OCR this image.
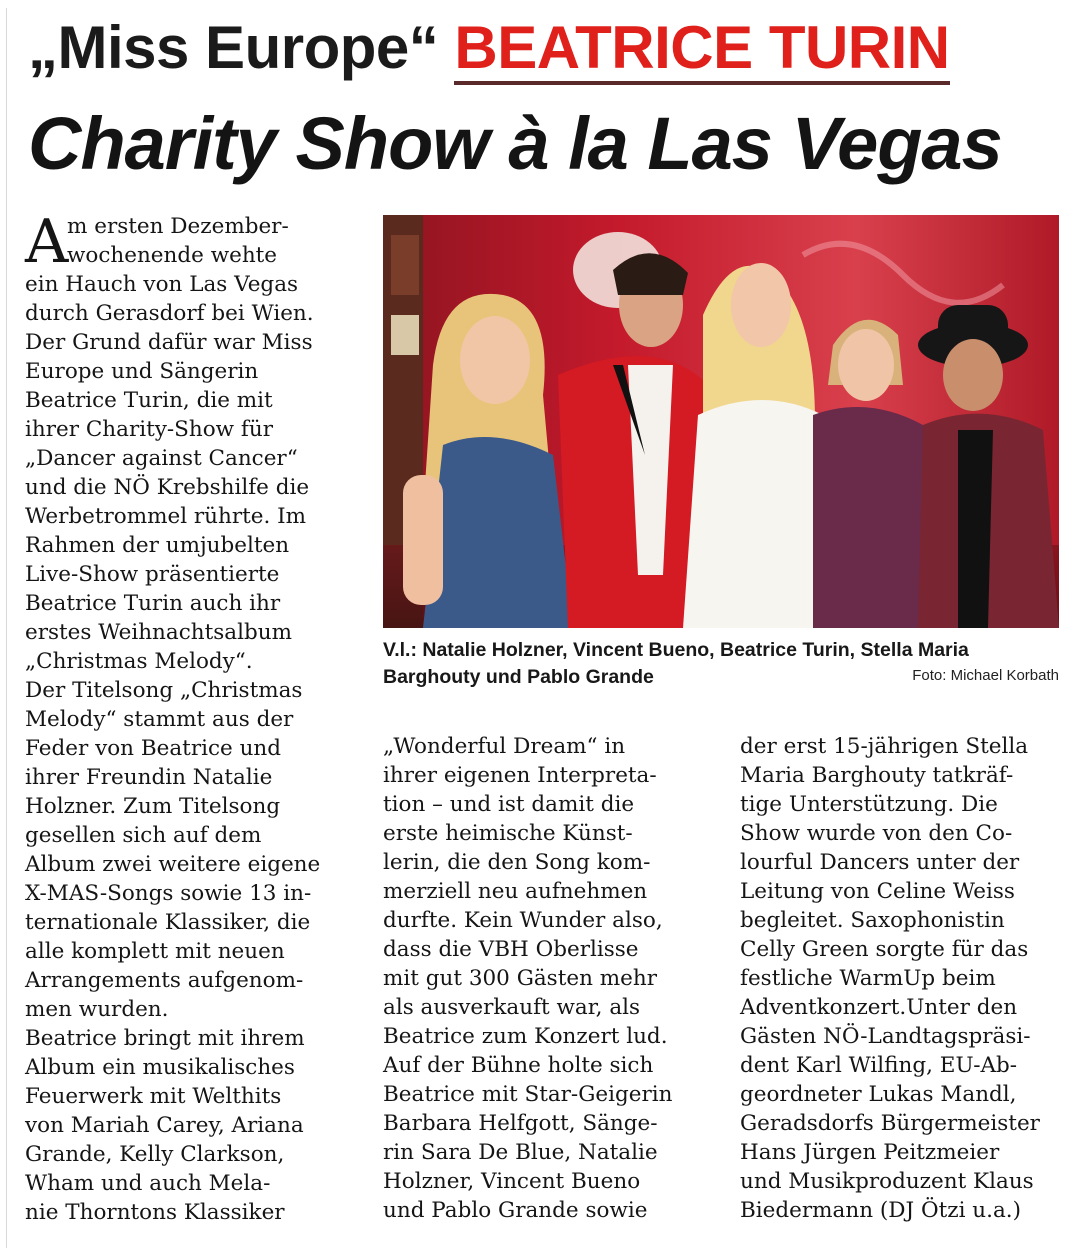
„Miss Europe“ BEATRICE TURIN
Charity Show à la Las Vegas
A
m ersten Dezember-
wochenende wehte
ein Hauch von Las Vegas
durch Gerasdorf bei Wien.
Der Grund dafür war Miss
Europe und Sängerin
Beatrice Turin, die mit
ihrer Charity-Show für
„Dancer against Cancer“
und die NÖ Krebshilfe die
Werbetrommel rührte. Im
Rahmen der umjubelten
Live-Show präsentierte
Beatrice Turin auch ihr
erstes Weihnachtsalbum
„Christmas Melody“.
Der Titelsong „Christmas
Melody“ stammt aus der
Feder von Beatrice und
ihrer Freundin Natalie
Holzner. Zum Titelsong
gesellen sich auf dem
Album zwei weitere eigene
X-MAS-Songs sowie 13 in-
ternationale Klassiker, die
alle komplett mit neuen
Arrangements aufgenom-
men wurden.
Beatrice bringt mit ihrem
Album ein musikalisches
Feuerwerk mit Welthits
von Mariah Carey, Ariana
Grande, Kelly Clarkson,
Wham und auch Mela-
nie Thorntons Klassiker
V.l.: Natalie Holzner, Vincent Bueno, Beatrice Turin, Stella Maria
Barghouty und Pablo Grande	Foto: Michael Korbath
„Wonderful Dream“ in
ihrer eigenen Interpreta-
tion – und ist damit die
erste heimische Künst-
lerin, die den Song kom-
merziell neu aufnehmen
durfte. Kein Wunder also,
dass die VBH Oberlisse
mit gut 300 Gästen mehr
als ausverkauft war, als
Beatrice zum Konzert lud.
Auf der Bühne holte sich
Beatrice mit Star-Geigerin
Barbara Helfgott, Sänge-
rin Sara De Blue, Natalie
Holzner, Vincent Bueno
und Pablo Grande sowie
der erst 15-jährigen Stella
Maria Barghouty tatkräf-
tige Unterstützung. Die
Show wurde von den Co-
lourful Dancers unter der
Leitung von Celine Weiss
begleitet. Saxophonistin
Celly Green sorgte für das
festliche WarmUp beim
Adventkonzert.Unter den
Gästen NÖ-Landtagspräsi-
dent Karl Wilfing, EU-Ab-
geordneter Lukas Mandl,
Geradsdorfs Bürgermeister
Hans Jürgen Peitzmeier
und Musikproduzent Klaus
Biedermann (DJ Ötzi u.a.)
